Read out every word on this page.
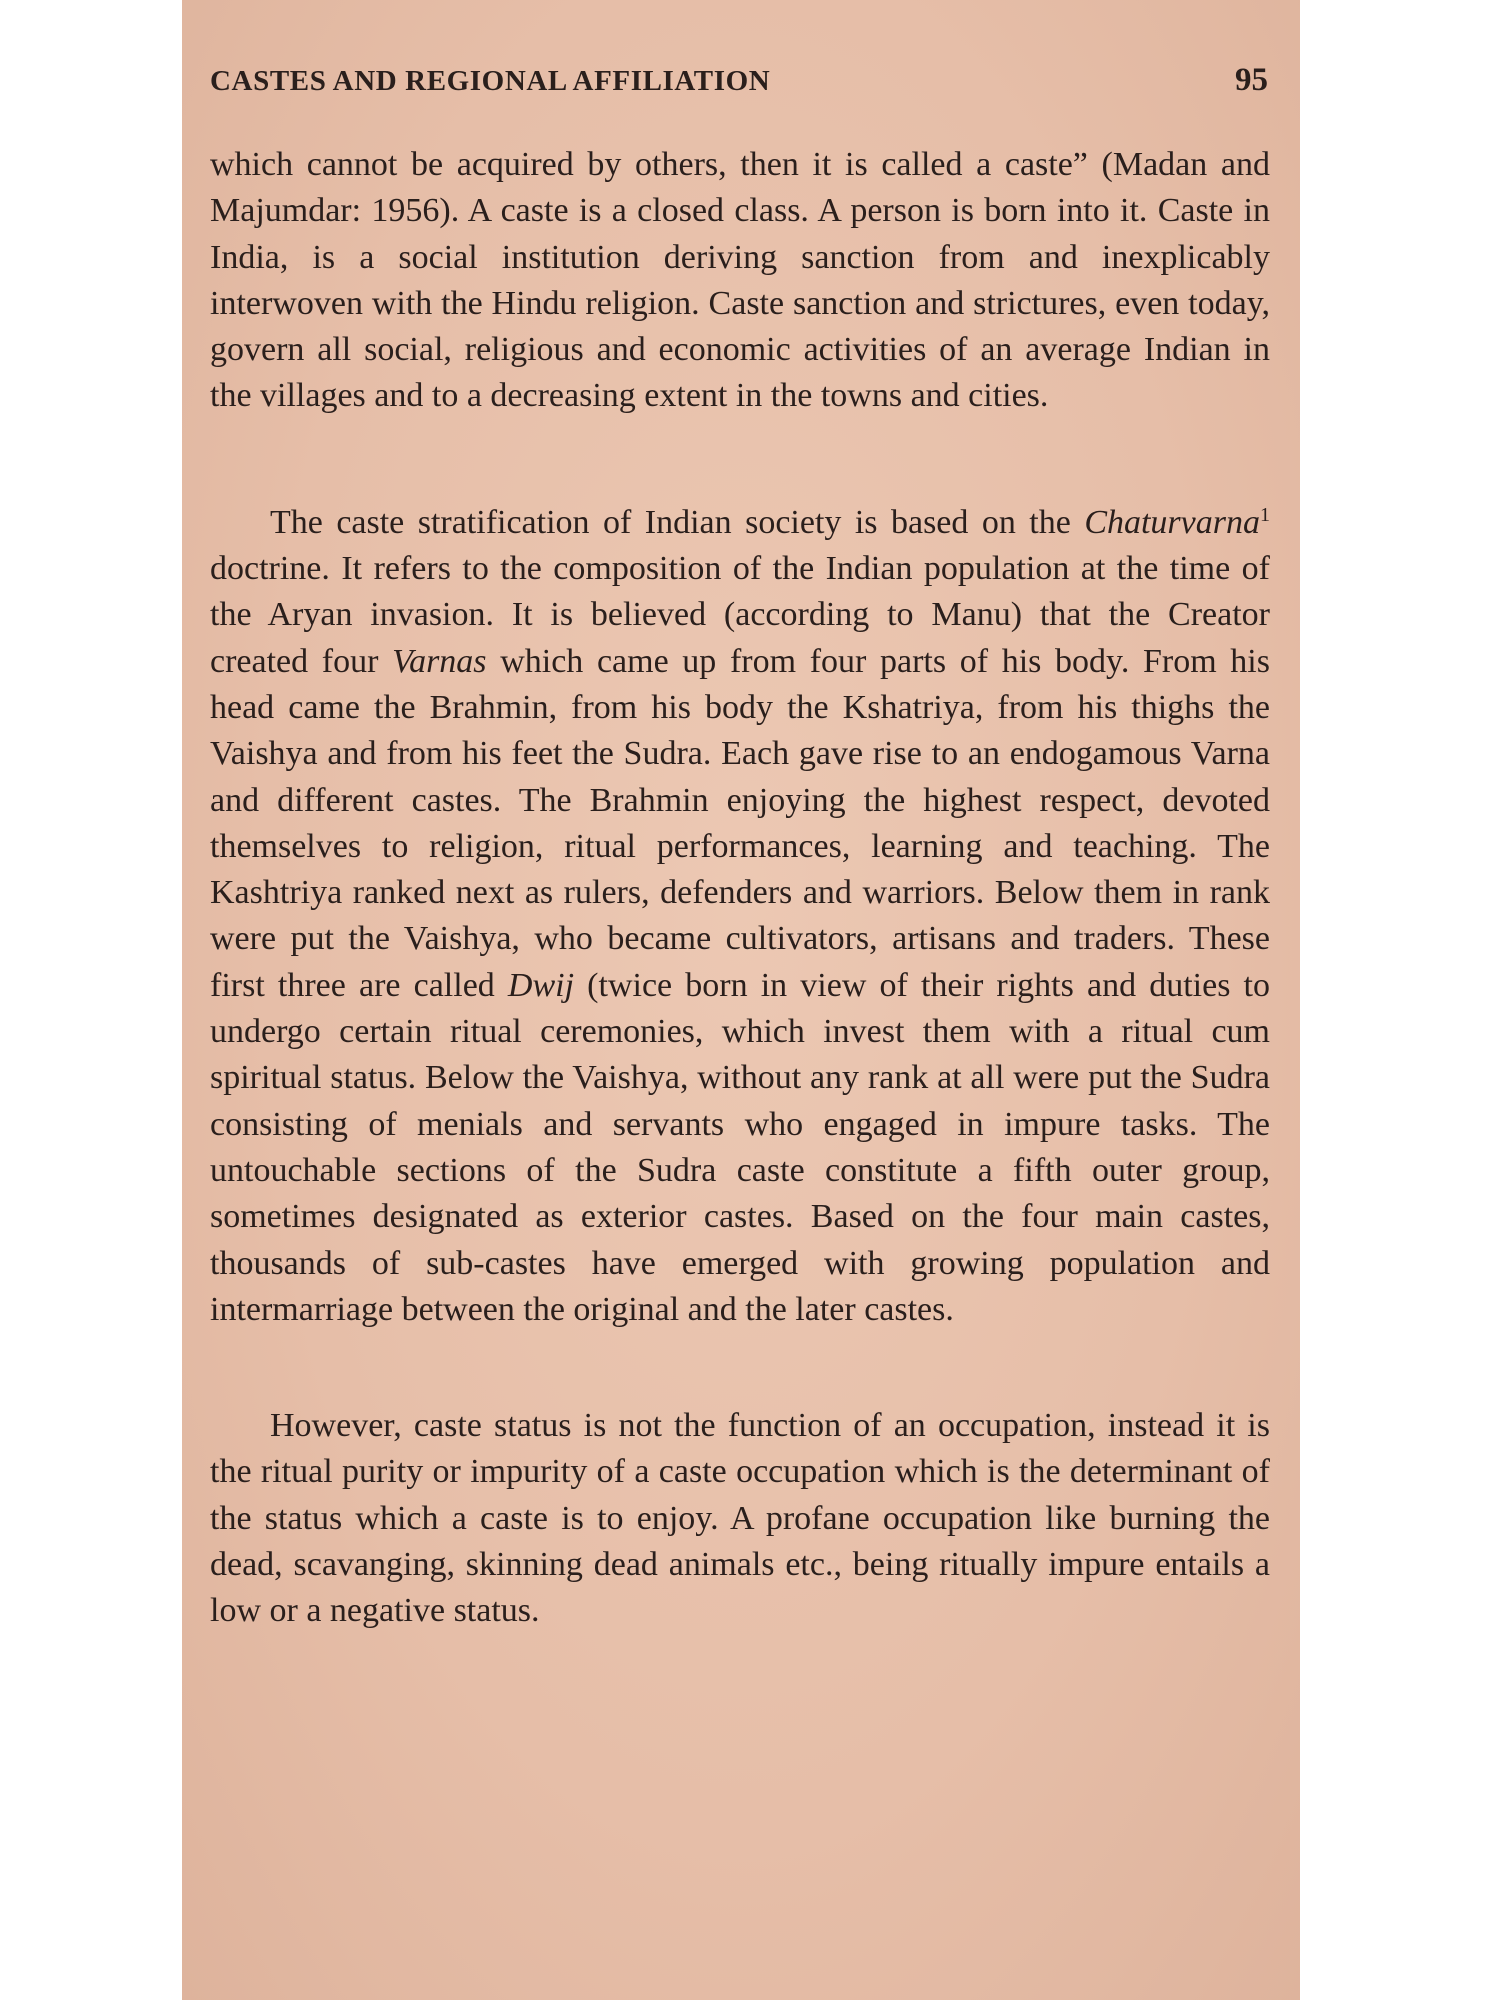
CASTES AND REGIONAL AFFILIATION	95

which cannot be acquired by others, then it is called a caste” (Madan and Majumdar: 1956). A caste is a closed class. A person is born into it. Caste in India, is a social institution deriving sanction from and inexplicably interwoven with the Hindu religion. Caste sanction and strictures, even today, govern all social, religious and economic activities of an average Indian in the villages and to a decreasing extent in the towns and cities.

The caste stratification of Indian society is based on the Chaturvarna$^1$ doctrine. It refers to the composition of the Indian population at the time of the Aryan invasion. It is believed (according to Manu) that the Creator created four Varnas which came up from four parts of his body. From his head came the Brahmin, from his body the Kshatriya, from his thighs the Vaishya and from his feet the Sudra. Each gave rise to an endogamous Varna and different castes. The Brahmin enjoying the highest respect, devoted themselves to religion, ritual performances, learning and teaching. The Kashtriya ranked next as rulers, defenders and warriors. Below them in rank were put the Vaishya, who became cultivators, artisans and traders. These first three are called Dwij (twice born in view of their rights and duties to undergo certain ritual ceremonies, which invest them with a ritual cum spiritual status. Below the Vaishya, without any rank at all were put the Sudra consisting of menials and servants who engaged in impure tasks. The untouchable sections of the Sudra caste constitute a fifth outer group, sometimes designated as exterior castes. Based on the four main castes, thousands of sub-castes have emerged with growing population and intermarriage between the original and the later castes.

However, caste status is not the function of an occupation, instead it is the ritual purity or impurity of a caste occupation which is the determinant of the status which a caste is to enjoy. A profane occupation like burning the dead, scavanging, skinning dead animals etc., being ritually impure entails a low or a negative status.
